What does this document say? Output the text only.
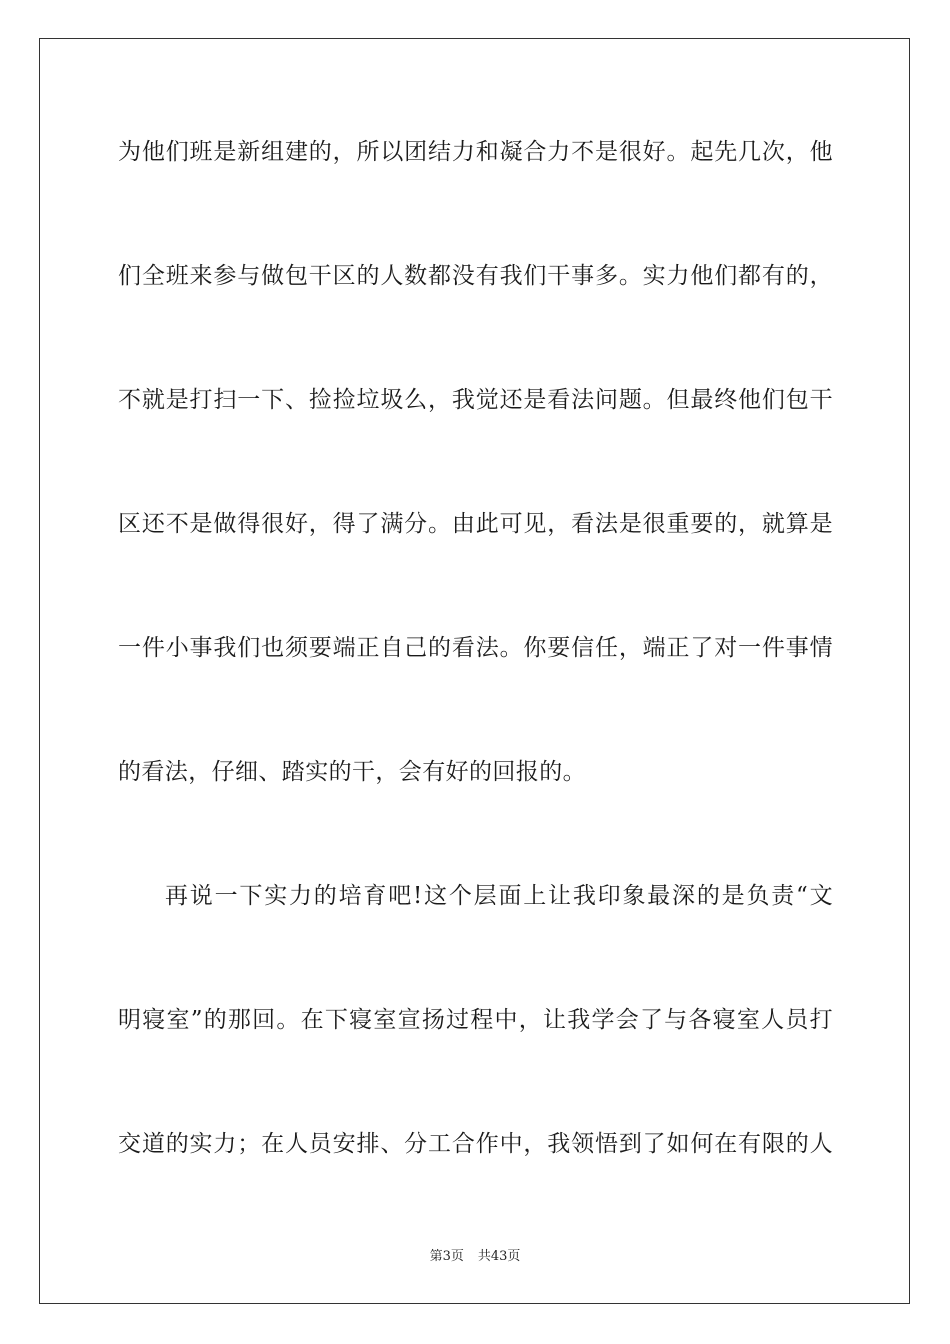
为他们班是新组建的，所以团结力和凝合力不是很好。起先几次，他
们全班来参与做包干区的人数都没有我们干事多。实力他们都有的，
不就是打扫一下、捡捡垃圾么，我觉还是看法问题。但最终他们包干
区还不是做得很好，得了满分。由此可见，看法是很重要的，就算是
一件小事我们也须要端正自己的看法。你要信任，端正了对一件事情
的看法，仔细、踏实的干，会有好的回报的。
再说一下实力的培育吧!这个层面上让我印象最深的是负责“文
明寝室”的那回。在下寝室宣扬过程中，让我学会了与各寝室人员打
交道的实力；在人员安排、分工合作中，我领悟到了如何在有限的人
第3页 共43页
